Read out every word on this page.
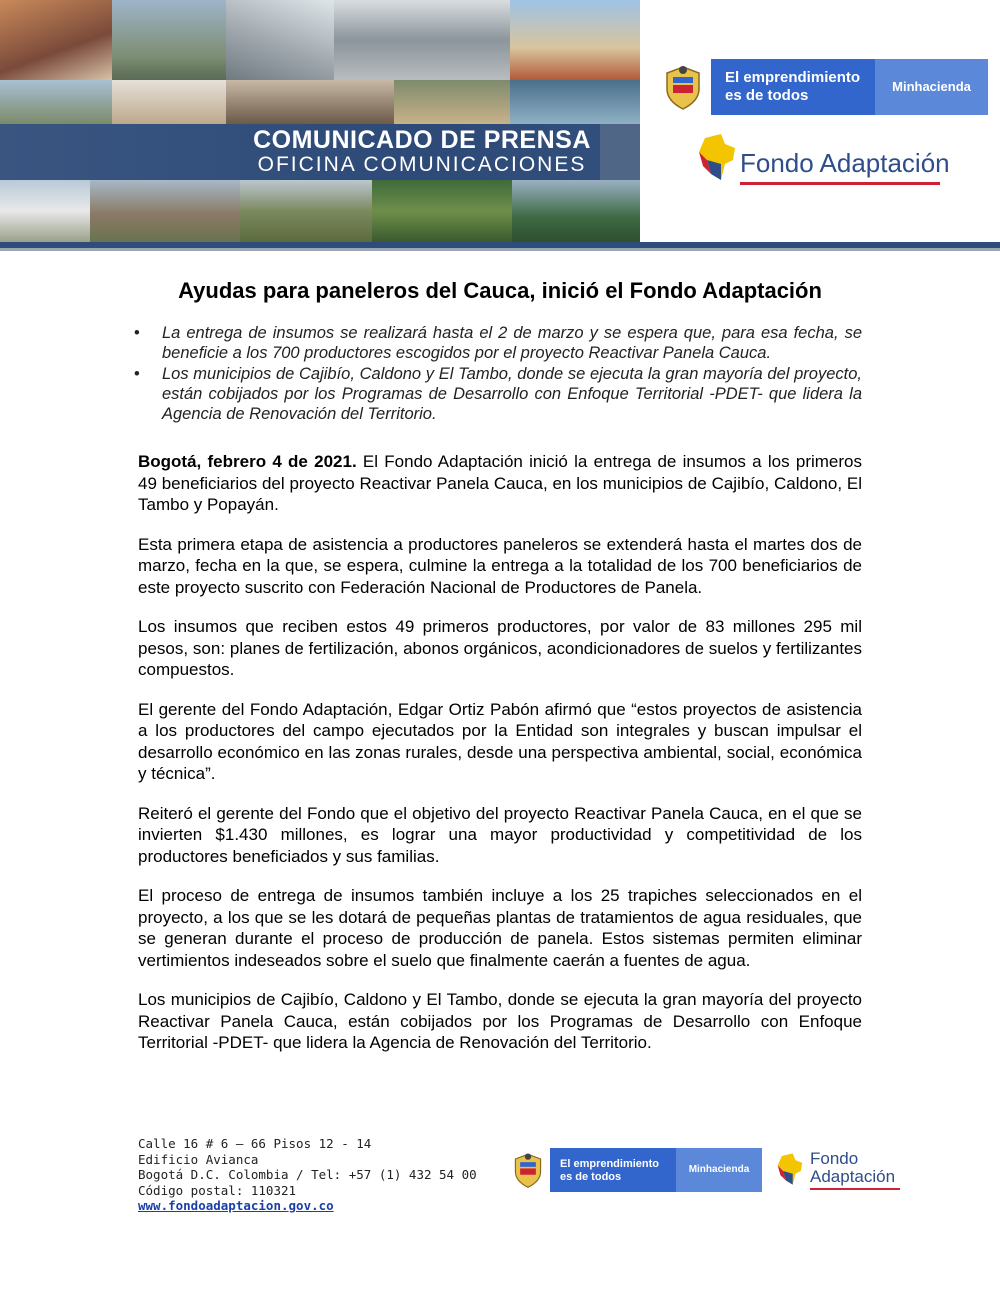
COMUNICADO DE PRENSA
OFICINA COMUNICACIONES
El emprendimiento
es de todos
Minhacienda
Fondo Adaptación
Ayudas para paneleros del Cauca, inició el Fondo Adaptación
• La entrega de insumos se realizará hasta el 2 de marzo y se espera que, para esa fecha, se beneficie a los 700 productores escogidos por el proyecto Reactivar Panela Cauca.
• Los municipios de Cajibío, Caldono y El Tambo, donde se ejecuta la gran mayoría del proyecto, están cobijados por los Programas de Desarrollo con Enfoque Territorial -PDET- que lidera la Agencia de Renovación del Territorio.

Bogotá, febrero 4 de 2021. El Fondo Adaptación inició la entrega de insumos a los primeros 49 beneficiarios del proyecto Reactivar Panela Cauca, en los municipios de Cajibío, Caldono, El Tambo y Popayán.

Esta primera etapa de asistencia a productores paneleros se extenderá hasta el martes dos de marzo, fecha en la que, se espera, culmine la entrega a la totalidad de los 700 beneficiarios de este proyecto suscrito con Federación Nacional de Productores de Panela.

Los insumos que reciben estos 49 primeros productores, por valor de 83 millones 295 mil pesos, son: planes de fertilización, abonos orgánicos, acondicionadores de suelos y fertilizantes compuestos.

El gerente del Fondo Adaptación, Edgar Ortiz Pabón afirmó que “estos proyectos de asistencia a los productores del campo ejecutados por la Entidad son integrales y buscan impulsar el desarrollo económico en las zonas rurales, desde una perspectiva ambiental, social, económica y técnica”.

Reiteró el gerente del Fondo que el objetivo del proyecto Reactivar Panela Cauca, en el que se invierten $1.430 millones, es lograr una mayor productividad y competitividad de los productores beneficiados y sus familias.

El proceso de entrega de insumos también incluye a los 25 trapiches seleccionados en el proyecto, a los que se les dotará de pequeñas plantas de tratamientos de agua residuales, que se generan durante el proceso de producción de panela. Estos sistemas permiten eliminar vertimientos indeseados sobre el suelo que finalmente caerán a fuentes de agua.

Los municipios de Cajibío, Caldono y El Tambo, donde se ejecuta la gran mayoría del proyecto Reactivar Panela Cauca, están cobijados por los Programas de Desarrollo con Enfoque Territorial -PDET- que lidera la Agencia de Renovación del Territorio.

Calle 16 # 6 – 66 Pisos 12 - 14
Edificio Avianca
Bogotá D.C. Colombia / Tel: +57 (1) 432 54 00
Código postal: 110321
www.fondoadaptacion.gov.co
El emprendimiento
es de todos
Minhacienda
Fondo
Adaptación
